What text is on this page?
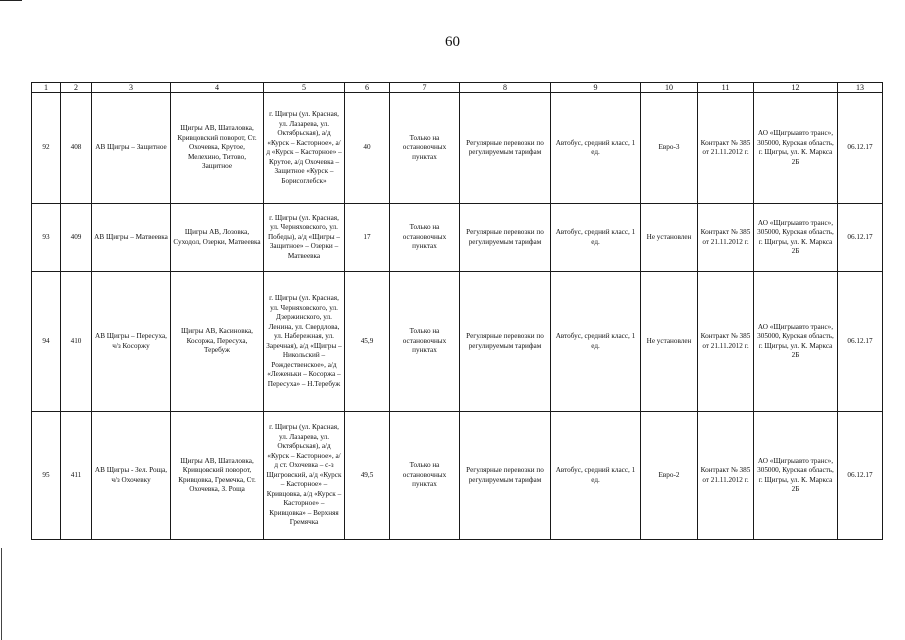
60
1	2	3	4	5	6	7	8	9	10	11	12	13
92	408	АВ Щигры – Защитное	Щигры АВ, Шаталовка, Кривцовский поворот, Ст. Охочевка, Крутое, Мелехино, Титово, Защитное	г. Щигры (ул. Красная, ул. Лазарева, ул. Октябрьская), а/д «Курск – Касторное», а/д «Курск – Касторное» – Крутое, а/д Охочевка – Защитное «Курск – Борисоглебск»	40	Только на остановочных пунктах	Регулярные перевозки по регулируемым тарифам	Автобус, средний класс, 1 ед.	Евро-3	Контракт № 385 от 21.11.2012 г.	АО «Щигрыавто транс», 305000, Курская область, г. Щигры, ул. К. Маркса 2Б	06.12.17
93	409	АВ Щигры – Матвеевка	Щигры АВ, Лозовка, Суходол, Озерки, Матвеевка	г. Щигры (ул. Красная, ул. Черняховского, ул. Победы), а/д «Щигры – Защитное» – Озерки – Матвеевка	17	Только на остановочных пунктах	Регулярные перевозки по регулируемым тарифам	Автобус, средний класс, 1 ед.	Не установлен	Контракт № 385 от 21.11.2012 г.	АО «Щигрыавто транс», 305000, Курская область, г. Щигры, ул. К. Маркса 2Б	06.12.17
94	410	АВ Щигры – Пересуха, ч/з Косоржу	Щигры АВ, Касиновка, Косоржа, Пересуха, Теребуж	г. Щигры (ул. Красная, ул. Черняховского, ул. Дзержинского, ул. Ленина, ул. Свердлова, ул. Набережная, ул. Заречная), а/д «Щигры – Никольский – Рождественское», а/д «Леженьки – Косоржа – Пересуха» – Н.Теребуж	45,9	Только на остановочных пунктах	Регулярные перевозки по регулируемым тарифам	Автобус, средний класс, 1 ед.	Не установлен	Контракт № 385 от 21.11.2012 г.	АО «Щигрыавто транс», 305000, Курская область, г. Щигры, ул. К. Маркса 2Б	06.12.17
95	411	АВ Щигры - Зел. Роща, ч/з Охочевку	Щигры АВ, Шаталовка, Кривцовский поворот, Кривцовка, Гремечка, Ст. Охочевка, З. Роща	г. Щигры (ул. Красная, ул. Лазарева, ул. Октябрьская), а/д «Курск – Касторное», а/д ст. Охочевка – с-з Щигровский, а/д «Курск – Касторное» – Кривцовка, а/д «Курск – Касторное» – Кривцовка» – Верхняя Гремячка	49,5	Только на остановочных пунктах	Регулярные перевозки по регулируемым тарифам	Автобус, средний класс, 1 ед.	Евро-2	Контракт № 385 от 21.11.2012 г.	АО «Щигрыавто транс», 305000, Курская область, г. Щигры, ул. К. Маркса 2Б	06.12.17
